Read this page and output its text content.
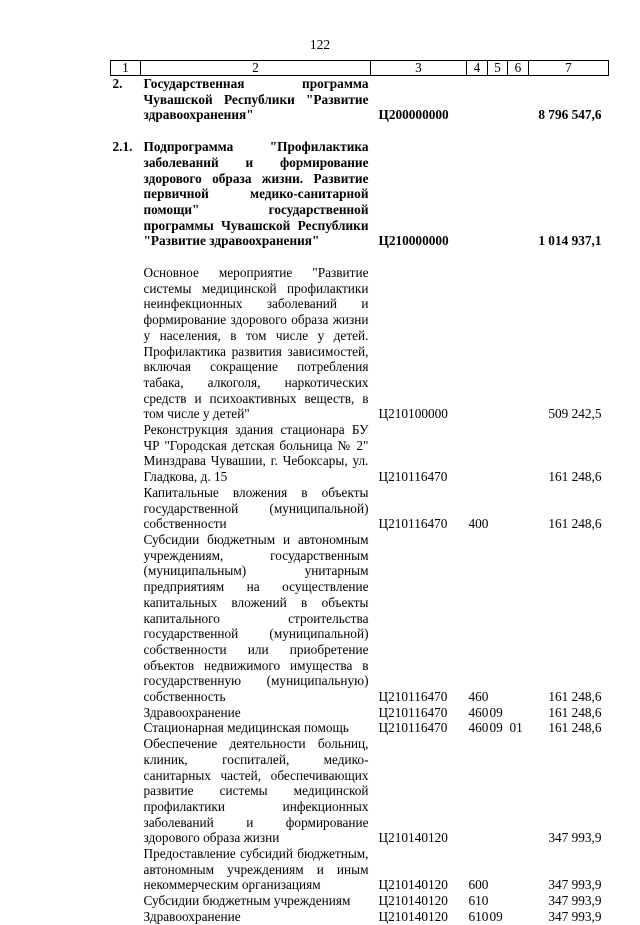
122
1	2	3	4	5	6	7
2.	Государственная программа Чувашской Республики "Развитие здравоохранения"	Ц200000000				8 796 547,6

2.1.	Подпрограмма "Профилактика заболеваний и формирование здорового образа жизни. Развитие первичной медико-санитарной помощи" государственной программы Чувашской Республики "Развитие здравоохранения"	Ц210000000				1 014 937,1

	Основное мероприятие "Развитие системы медицинской профилактики неинфекционных заболеваний и формирование здорового образа жизни у населения, в том числе у детей. Профилактика развития зависимостей, включая сокращение потребления табака, алкоголя, наркотических средств и психоактивных веществ, в том числе у детей"	Ц210100000				509 242,5
	Реконструкция здания стационара БУ ЧР "Городская детская больница № 2" Минздрава Чувашии, г. Чебоксары, ул. Гладкова, д. 15	Ц210116470				161 248,6
	Капитальные вложения в объекты государственной (муниципальной) собственности	Ц210116470	400			161 248,6
	Субсидии бюджетным и автономным учреждениям, государственным (муниципальным) унитарным предприятиям на осуществление капитальных вложений в объекты капитального строительства государственной (муниципальной) собственности или приобретение объектов недвижимого имущества в государственную (муниципальную) собственность	Ц210116470	460			161 248,6
	Здравоохранение	Ц210116470	460	09		161 248,6
	Стационарная медицинская помощь	Ц210116470	460	09	01	161 248,6
	Обеспечение деятельности больниц, клиник, госпиталей, медико-санитарных частей, обеспечивающих развитие системы медицинской профилактики инфекционных заболеваний и формирование здорового образа жизни	Ц210140120				347 993,9
	Предоставление субсидий бюджетным, автономным учреждениям и иным некоммерческим организациям	Ц210140120	600			347 993,9
	Субсидии бюджетным учреждениям	Ц210140120	610			347 993,9
	Здравоохранение	Ц210140120	610	09		347 993,9
